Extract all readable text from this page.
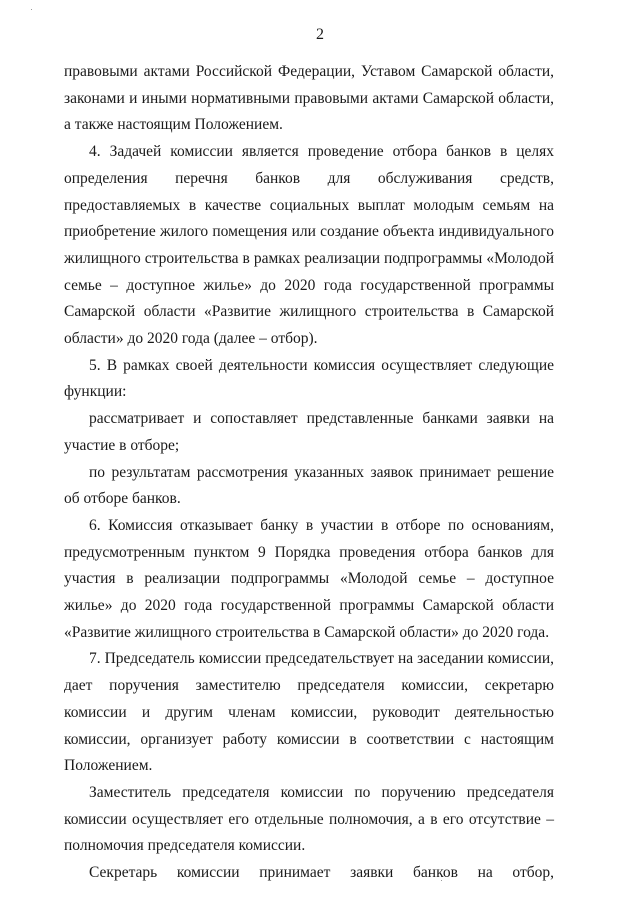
2

правовыми актами Российской Федерации, Уставом Самарской области, законами и иными нормативными правовыми актами Самарской области, а также настоящим Положением.

4. Задачей комиссии является проведение отбора банков в целях определения перечня банков для обслуживания средств, предоставляемых в качестве социальных выплат молодым семьям на приобретение жилого помещения или создание объекта индивидуального жилищного строительства в рамках реализации подпрограммы «Молодой семье – доступное жилье» до 2020 года государственной программы Самарской области «Развитие жилищного строительства в Самарской области» до 2020 года (далее – отбор).

5. В рамках своей деятельности комиссия осуществляет следующие функции:

рассматривает и сопоставляет представленные банками заявки на участие в отборе;

по результатам рассмотрения указанных заявок принимает решение об отборе банков.

6. Комиссия отказывает банку в участии в отборе по основаниям, предусмотренным пунктом 9 Порядка проведения отбора банков для участия в реализации подпрограммы «Молодой семье – доступное жилье» до 2020 года государственной программы Самарской области «Развитие жилищного строительства в Самарской области» до 2020 года.

7. Председатель комиссии председательствует на заседании комиссии, дает поручения заместителю председателя комиссии, секретарю комиссии и другим членам комиссии, руководит деятельностью комиссии, организует работу комиссии в соответствии с настоящим Положением.

Заместитель председателя комиссии по поручению председателя комиссии осуществляет его отдельные полномочия, а в его отсутствие – полномочия председателя комиссии.

Секретарь комиссии принимает заявки банков на отбор,
